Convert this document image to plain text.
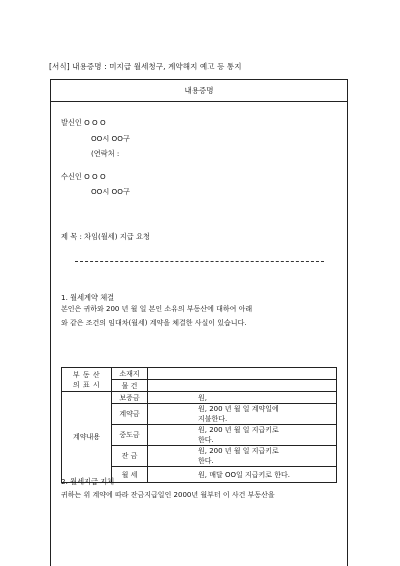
[서식] 내용증명 : 미지급 월세청구, 계약해지 예고 등 통지
내용증명
발신인 O O O
OO시 OO구
(연락처 :
수신인 O O O
OO시 OO구
제 목 : 차임(월세) 지급 요청
1. 월세계약 체결
본인은 귀하와 200 년 월 일 본인 소유의 부동산에 대하여 아래
와 같은 조건의 임대차(월세) 계약을 체결한 사실이 있습니다.
부 동 산
의 표 시	소재지	
	물 건	
계약내용	보증금	원,
	계약금	원, 200 년 월 일 계약일에
지불한다.

	중도금	원, 200 년 월 일 지급키로
한다.

	잔 금	원, 200 년 월 일 지급키로
한다.

	월 세	원, 매달 OO일 지급키로 한다.
2. 월세지급 지체
귀하는 위 계약에 따라 잔금지급일인 2000년 월부터 이 사건 부동산을
